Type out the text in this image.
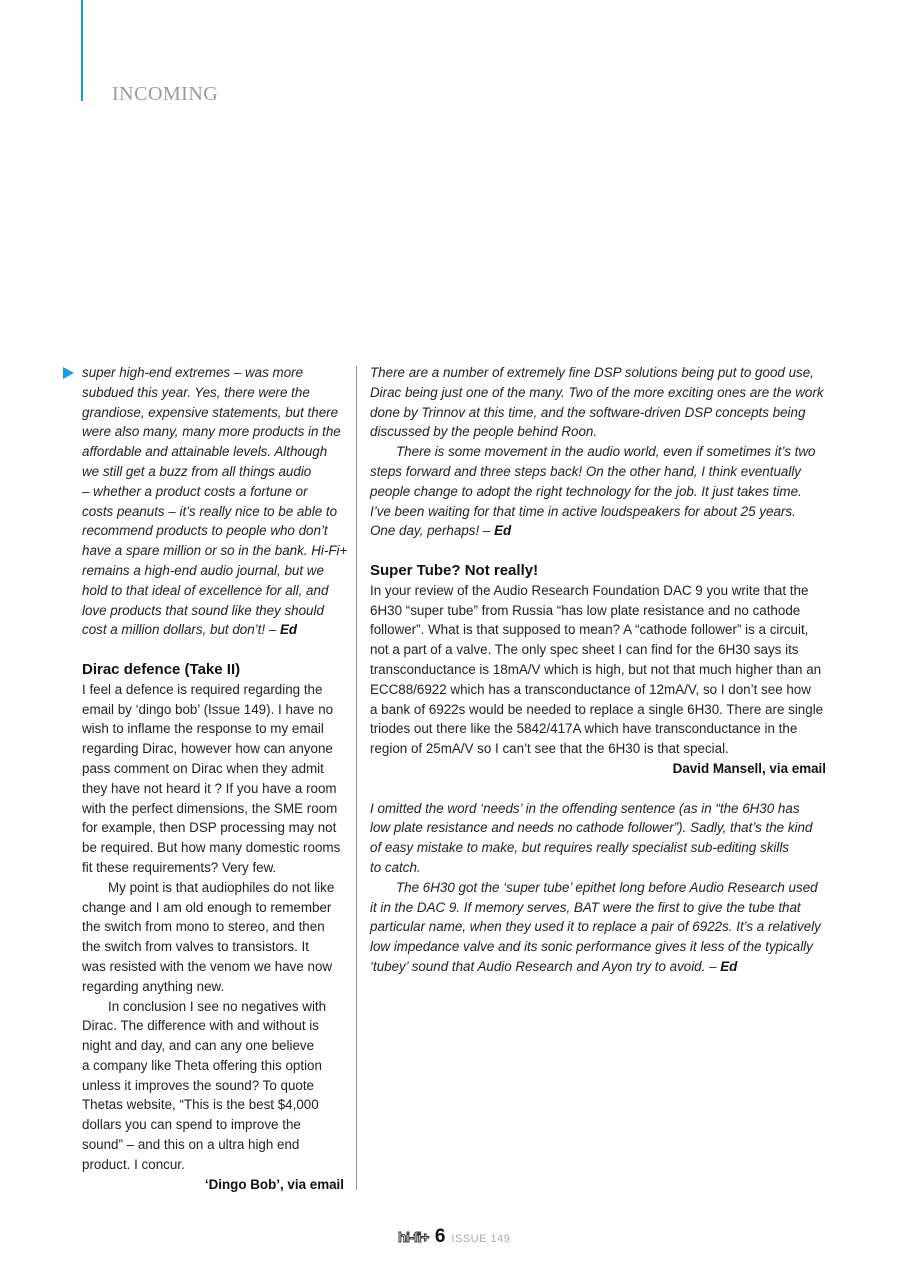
INCOMING
super high-end extremes – was more
subdued this year. Yes, there were the
grandiose, expensive statements, but there
were also many, many more products in the
affordable and attainable levels. Although
we still get a buzz from all things audio
– whether a product costs a fortune or
costs peanuts – it’s really nice to be able to
recommend products to people who don’t
have a spare million or so in the bank. Hi-Fi+
remains a high-end audio journal, but we
hold to that ideal of excellence for all, and
love products that sound like they should
cost a million dollars, but don’t! – Ed
Dirac defence (Take II)
I feel a defence is required regarding the
email by ‘dingo bob’ (Issue 149). I have no
wish to inflame the response to my email
regarding Dirac, however how can anyone
pass comment on Dirac when they admit
they have not heard it ? If you have a room
with the perfect dimensions, the SME room
for example, then DSP processing may not
be required. But how many domestic rooms
fit these requirements? Very few.
My point is that audiophiles do not like
change and I am old enough to remember
the switch from mono to stereo, and then
the switch from valves to transistors. It
was resisted with the venom we have now
regarding anything new.
In conclusion I see no negatives with
Dirac. The difference with and without is
night and day, and can any one believe
a company like Theta offering this option
unless it improves the sound? To quote
Thetas website, “This is the best $4,000
dollars you can spend to improve the
sound” – and this on a ultra high end
product. I concur.
‘Dingo Bob’, via email
There are a number of extremely fine DSP solutions being put to good use,
Dirac being just one of the many. Two of the more exciting ones are the work
done by Trinnov at this time, and the software-driven DSP concepts being
discussed by the people behind Roon.
There is some movement in the audio world, even if sometimes it’s two
steps forward and three steps back! On the other hand, I think eventually
people change to adopt the right technology for the job. It just takes time.
I’ve been waiting for that time in active loudspeakers for about 25 years.
One day, perhaps! – Ed
Super Tube? Not really!
In your review of the Audio Research Foundation DAC 9 you write that the
6H30 “super tube” from Russia “has low plate resistance and no cathode
follower”. What is that supposed to mean? A “cathode follower” is a circuit,
not a part of a valve. The only spec sheet I can find for the 6H30 says its
transconductance is 18mA/V which is high, but not that much higher than an
ECC88/6922 which has a transconductance of 12mA/V, so I don’t see how
a bank of 6922s would be needed to replace a single 6H30. There are single
triodes out there like the 5842/417A which have transconductance in the
region of 25mA/V so I can’t see that the 6H30 is that special.
David Mansell, via email
I omitted the word ‘needs’ in the offending sentence (as in “the 6H30 has
low plate resistance and needs no cathode follower”). Sadly, that’s the kind
of easy mistake to make, but requires really specialist sub-editing skills
to catch.
The 6H30 got the ‘super tube’ epithet long before Audio Research used
it in the DAC 9. If memory serves, BAT were the first to give the tube that
particular name, when they used it to replace a pair of 6922s. It’s a relatively
low impedance valve and its sonic performance gives it less of the typically
‘tubey’ sound that Audio Research and Ayon try to avoid. – Ed
hi-fi+ 6 ISSUE 149
